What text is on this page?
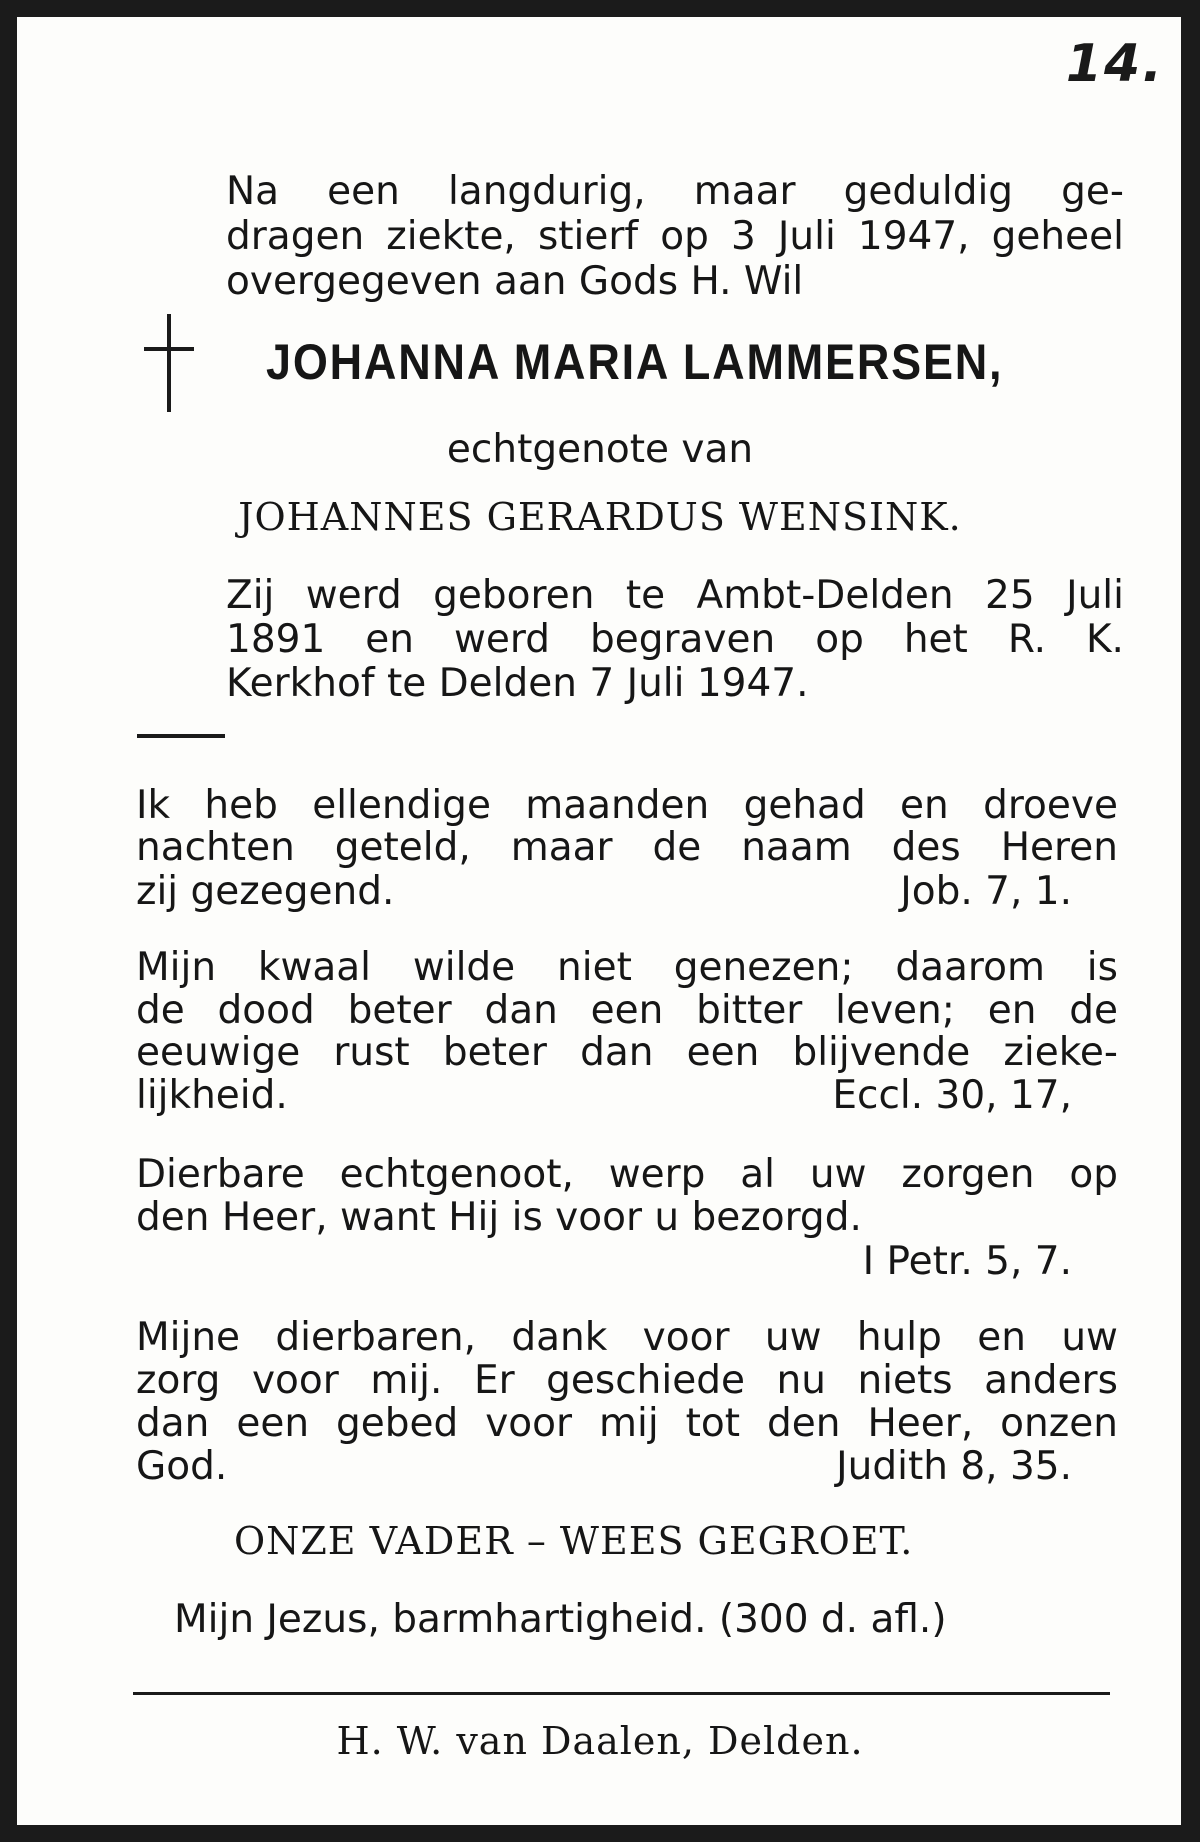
14.
Na een langdurig, maar geduldig ge-
dragen ziekte, stierf op 3 Juli 1947, geheel
overgegeven aan Gods H. Wil
JOHANNA MARIA LAMMERSEN,
echtgenote van
JOHANNES GERARDUS WENSINK.
Zij werd geboren te Ambt-Delden 25 Juli
1891 en werd begraven op het R. K.
Kerkhof te Delden 7 Juli 1947.
Ik heb ellendige maanden gehad en droeve
nachten geteld, maar de naam des Heren
zij gezegend.	Job. 7, 1.
Mijn kwaal wilde niet genezen; daarom is
de dood beter dan een bitter leven; en de
eeuwige rust beter dan een blijvende zieke-
lijkheid.	Eccl. 30, 17,
Dierbare echtgenoot, werp al uw zorgen op
den Heer, want Hij is voor u bezorgd.
I Petr. 5, 7.
Mijne dierbaren, dank voor uw hulp en uw
zorg voor mij. Er geschiede nu niets anders
dan een gebed voor mij tot den Heer, onzen
God.	Judith 8, 35.
ONZE VADER – WEES GEGROET.
Mijn Jezus, barmhartigheid. (300 d. afl.)
H. W. van Daalen, Delden.
